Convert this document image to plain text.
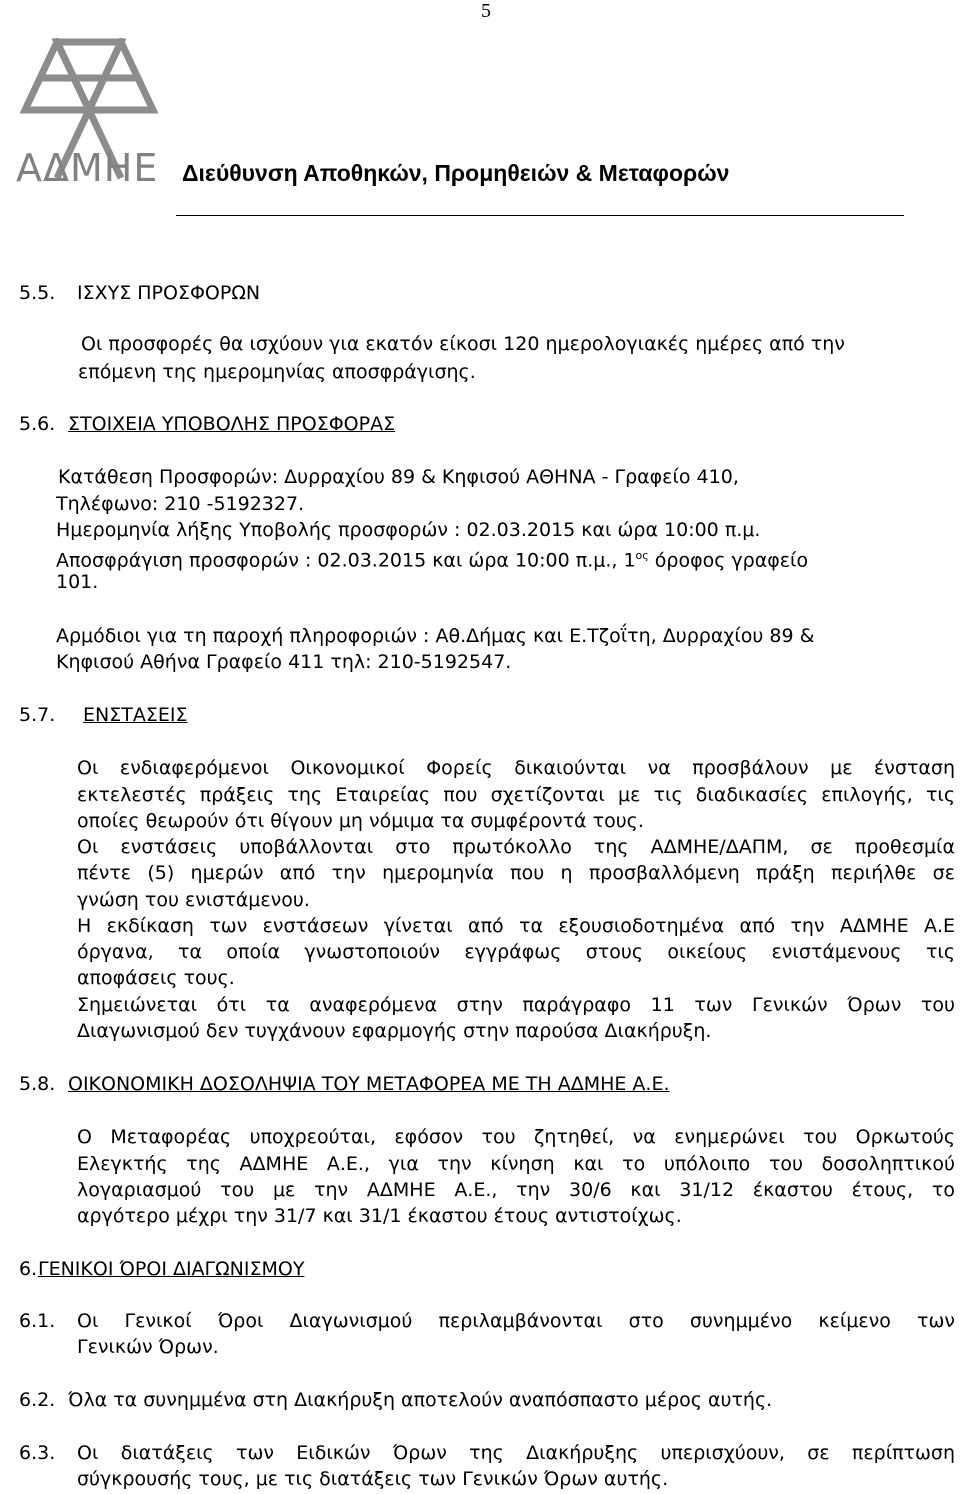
5
ΑΔΜΗΕ Διεύθυνση Αποθηκών, Προμηθειών & Μεταφορών
5.5. ΙΣΧΥΣ ΠΡΟΣΦΟΡΩΝ
Οι προσφορές θα ισχύουν για εκατόν είκοσι 120 ημερολογιακές ημέρες από την
επόμενη της ημερομηνίας αποσφράγισης.
5.6. ΣΤΟΙΧΕΙΑ ΥΠΟΒΟΛΗΣ ΠΡΟΣΦΟΡΑΣ
Κατάθεση Προσφορών: Δυρραχίου 89 & Κηφισού ΑΘΗΝΑ - Γραφείο 410,
Τηλέφωνο: 210 -5192327.
Ημερομηνία λήξης Υποβολής προσφορών : 02.03.2015 και ώρα 10:00 π.μ.
Αποσφράγιση προσφορών : 02.03.2015 και ώρα 10:00 π.μ., $1^{o\varsigma}$ όροφος γραφείο
101.
Αρμόδιοι για τη παροχή πληροφοριών : Αθ.Δήμας και Ε.Τζοΐτη, Δυρραχίου 89 &
Κηφισού Αθήνα Γραφείο 411 τηλ: 210-5192547.
5.7. ΕΝΣΤΑΣΕΙΣ
Οι ενδιαφερόμενοι Οικονομικοί Φορείς δικαιούνται να προσβάλουν με ένσταση
εκτελεστές πράξεις της Εταιρείας που σχετίζονται με τις διαδικασίες επιλογής, τις
οποίες θεωρούν ότι θίγουν μη νόμιμα τα συμφέροντά τους.
Οι ενστάσεις υποβάλλονται στο πρωτόκολλο της ΑΔΜΗΕ/ΔΑΠΜ, σε προθεσμία
πέντε (5) ημερών από την ημερομηνία που η προσβαλλόμενη πράξη περιήλθε σε
γνώση του ενιστάμενου.
Η εκδίκαση των ενστάσεων γίνεται από τα εξουσιοδοτημένα από την ΑΔΜΗΕ Α.Ε
όργανα, τα οποία γνωστοποιούν εγγράφως στους οικείους ενιστάμενους τις
αποφάσεις τους.
Σημειώνεται ότι τα αναφερόμενα στην παράγραφο 11 των Γενικών Όρων του
Διαγωνισμού δεν τυγχάνουν εφαρμογής στην παρούσα Διακήρυξη.
5.8. ΟΙΚΟΝΟΜΙΚΗ ΔΟΣΟΛΗΨΙΑ ΤΟΥ ΜΕΤΑΦΟΡΕΑ ΜΕ ΤΗ ΑΔΜΗΕ Α.Ε.
Ο Μεταφορέας υποχρεούται, εφόσον του ζητηθεί, να ενημερώνει του Ορκωτούς
Ελεγκτής της ΑΔΜΗΕ Α.Ε., για την κίνηση και το υπόλοιπο του δοσοληπτικού
λογαριασμού του με την ΑΔΜΗΕ Α.Ε., την 30/6 και 31/12 έκαστου έτους, το
αργότερο μέχρι την 31/7 και 31/1 έκαστου έτους αντιστοίχως.
6. ΓΕΝΙΚΟΙ ΌΡΟΙ ΔΙΑΓΩΝΙΣΜΟΥ
6.1. Οι Γενικοί Όροι Διαγωνισμού περιλαμβάνονται στο συνημμένο κείμενο των
Γενικών Όρων.
6.2. Όλα τα συνημμένα στη Διακήρυξη αποτελούν αναπόσπαστο μέρος αυτής.
6.3. Οι διατάξεις των Ειδικών Όρων της Διακήρυξης υπερισχύουν, σε περίπτωση
σύγκρουσής τους, με τις διατάξεις των Γενικών Όρων αυτής.
